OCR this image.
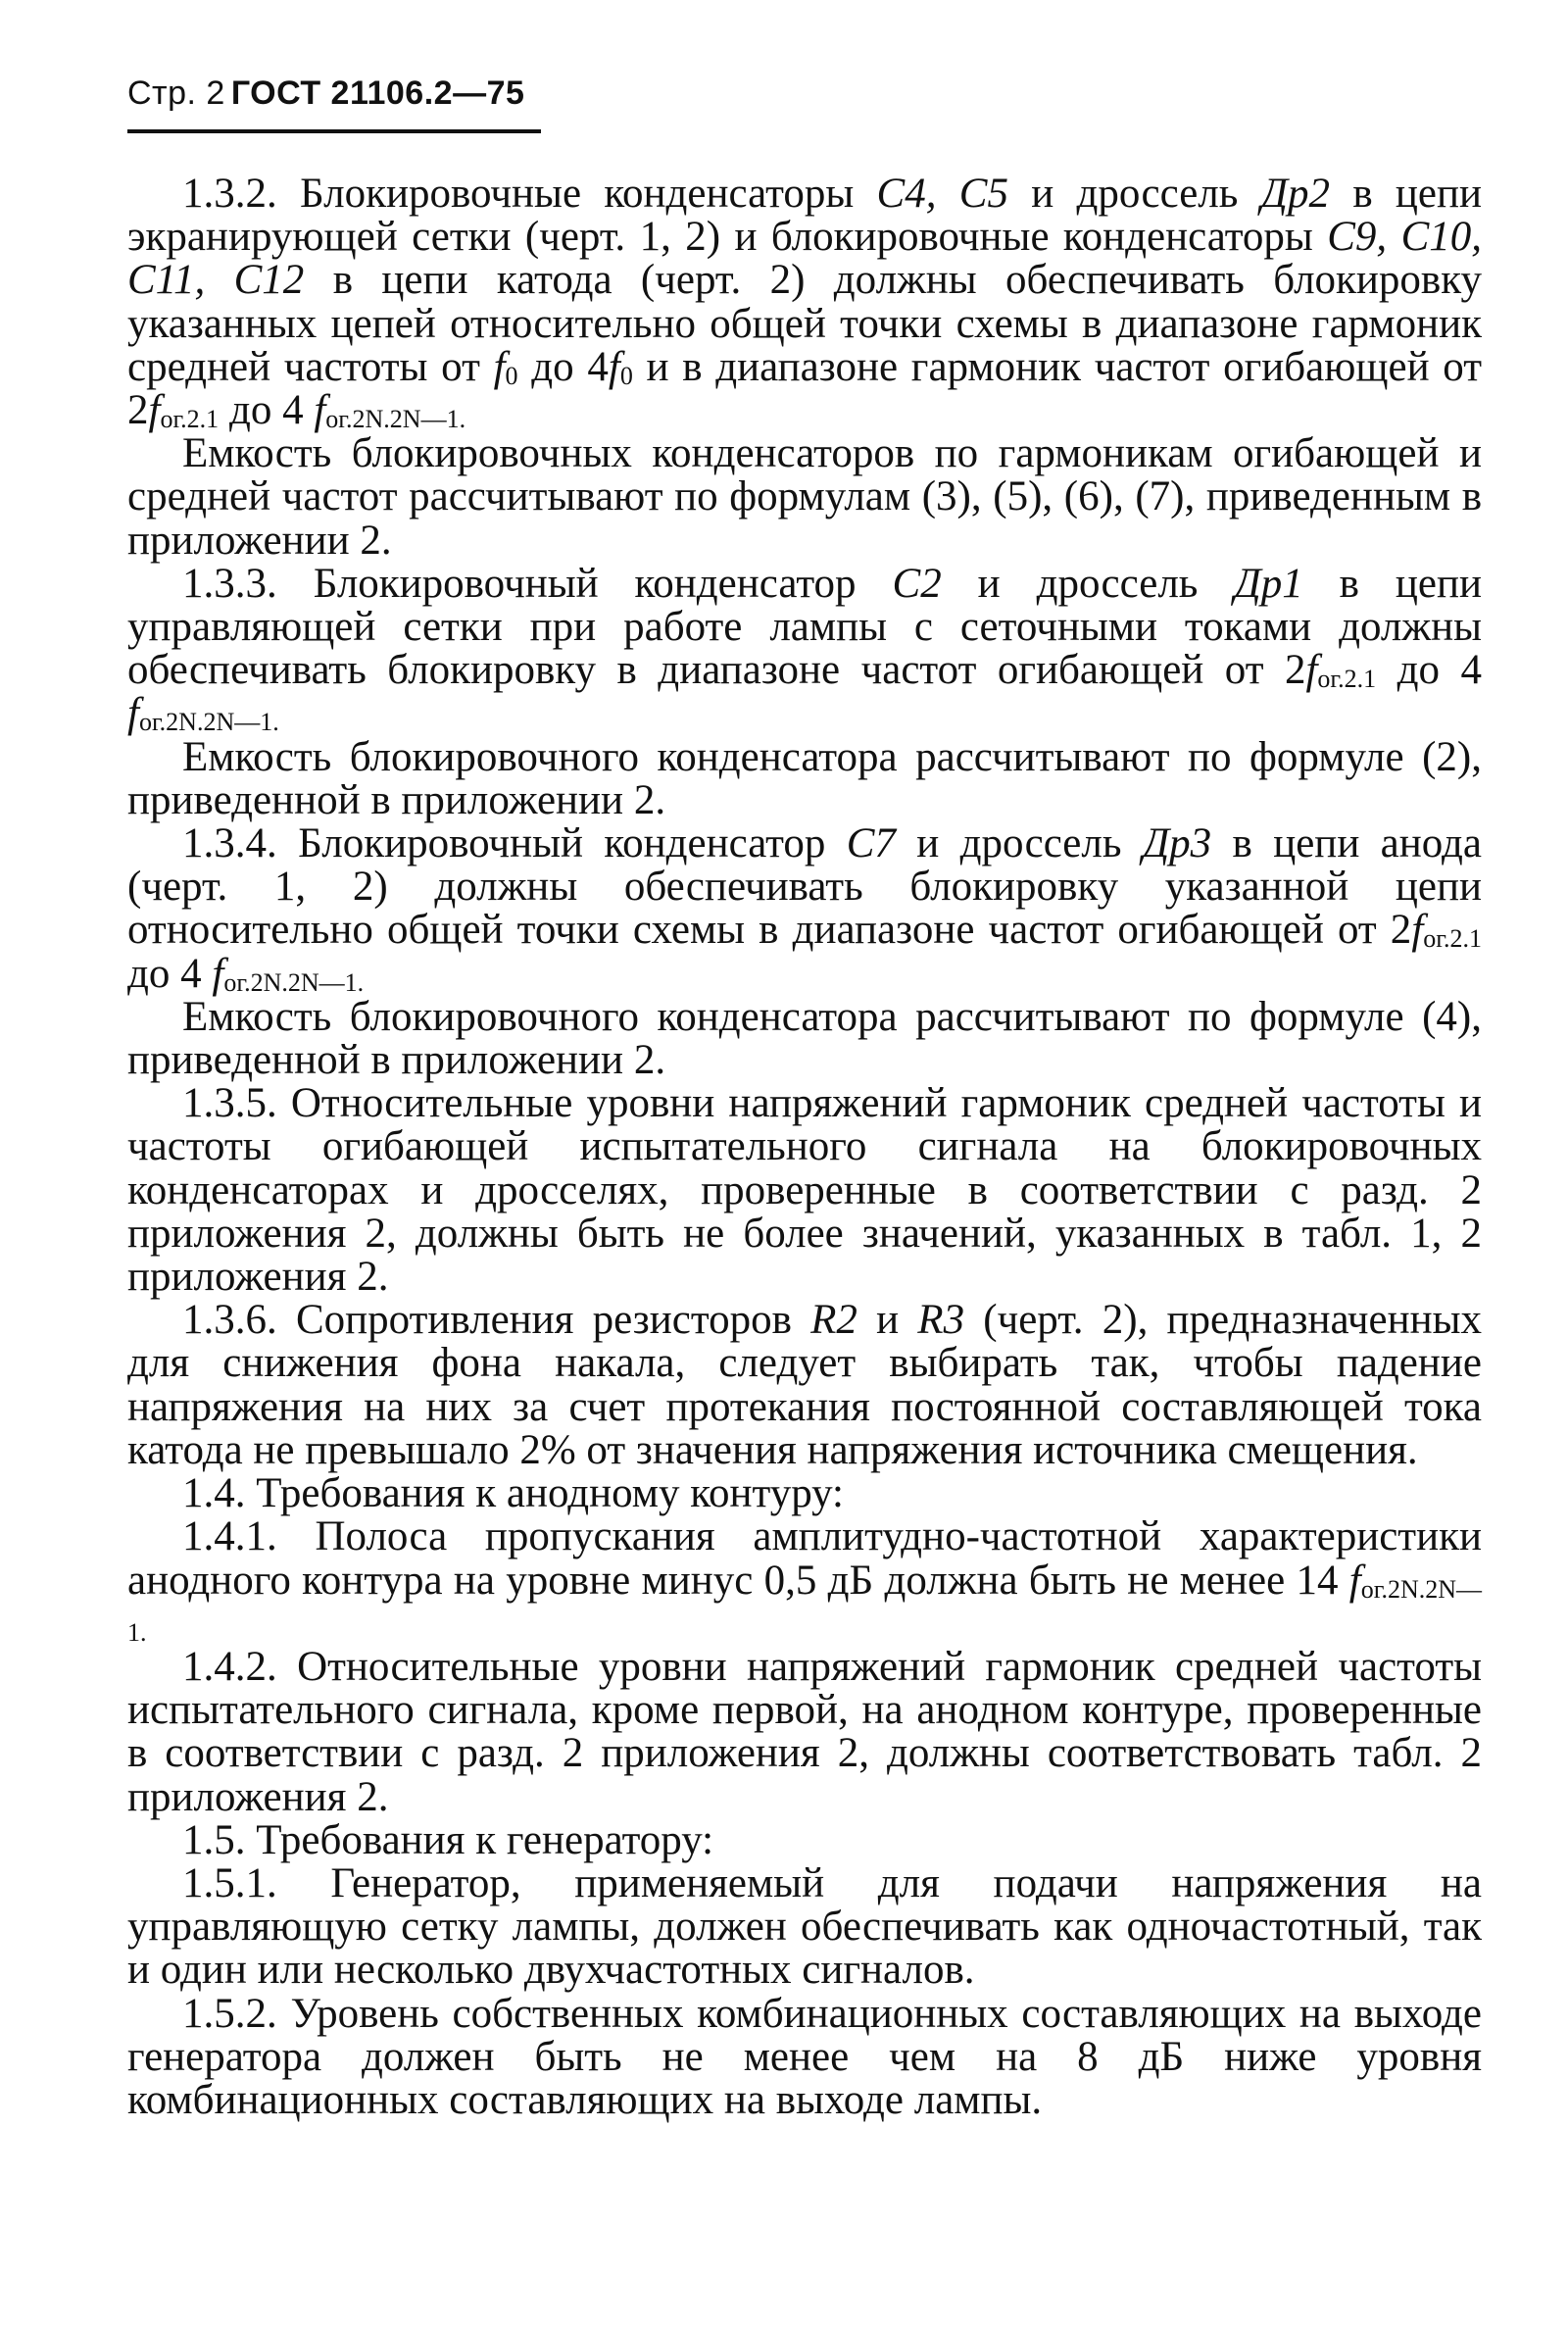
Стр. 2 ГОСТ 21106.2—75

1.3.2. Блокировочные конденсаторы С4, С5 и дроссель Др2 в цепи экранирующей сетки (черт. 1, 2) и блокировочные конденсаторы С9, С10, С11, С12 в цепи катода (черт. 2) должны обеспечивать блокировку указанных цепей относительно общей точки схемы в диапазоне гармоник средней частоты от f0 до 4f0 и в диапазоне гармоник частот огибающей от 2fог.2.1 до 4 fог.2N.2N—1.

Емкость блокировочных конденсаторов по гармоникам огибающей и средней частот рассчитывают по формулам (3), (5), (6), (7), приведенным в приложении 2.

1.3.3. Блокировочный конденсатор С2 и дроссель Др1 в цепи управляющей сетки при работе лампы с сеточными токами должны обеспечивать блокировку в диапазоне частот огибающей от 2fог.2.1 до 4 fог.2N.2N—1.

Емкость блокировочного конденсатора рассчитывают по формуле (2), приведенной в приложении 2.

1.3.4. Блокировочный конденсатор С7 и дроссель Др3 в цепи анода (черт. 1, 2) должны обеспечивать блокировку указанной цепи относительно общей точки схемы в диапазоне частот огибающей от 2fог.2.1 до 4 fог.2N.2N—1.

Емкость блокировочного конденсатора рассчитывают по формуле (4), приведенной в приложении 2.

1.3.5. Относительные уровни напряжений гармоник средней частоты и частоты огибающей испытательного сигнала на блокировочных конденсаторах и дросселях, проверенные в соответствии с разд. 2 приложения 2, должны быть не более значений, указанных в табл. 1, 2 приложения 2.

1.3.6. Сопротивления резисторов R2 и R3 (черт. 2), предназначенных для снижения фона накала, следует выбирать так, чтобы падение напряжения на них за счет протекания постоянной составляющей тока катода не превышало 2% от значения напряжения источника смещения.

1.4. Требования к анодному контуру:

1.4.1. Полоса пропускания амплитудно-частотной характеристики анодного контура на уровне минус 0,5 дБ должна быть не менее 14 fог.2N.2N—1.

1.4.2. Относительные уровни напряжений гармоник средней частоты испытательного сигнала, кроме первой, на анодном контуре, проверенные в соответствии с разд. 2 приложения 2, должны соответствовать табл. 2 приложения 2.

1.5. Требования к генератору:

1.5.1. Генератор, применяемый для подачи напряжения на управляющую сетку лампы, должен обеспечивать как одночастотный, так и один или несколько двухчастотных сигналов.

1.5.2. Уровень собственных комбинационных составляющих на выходе генератора должен быть не менее чем на 8 дБ ниже уровня комбинационных составляющих на выходе лампы.
